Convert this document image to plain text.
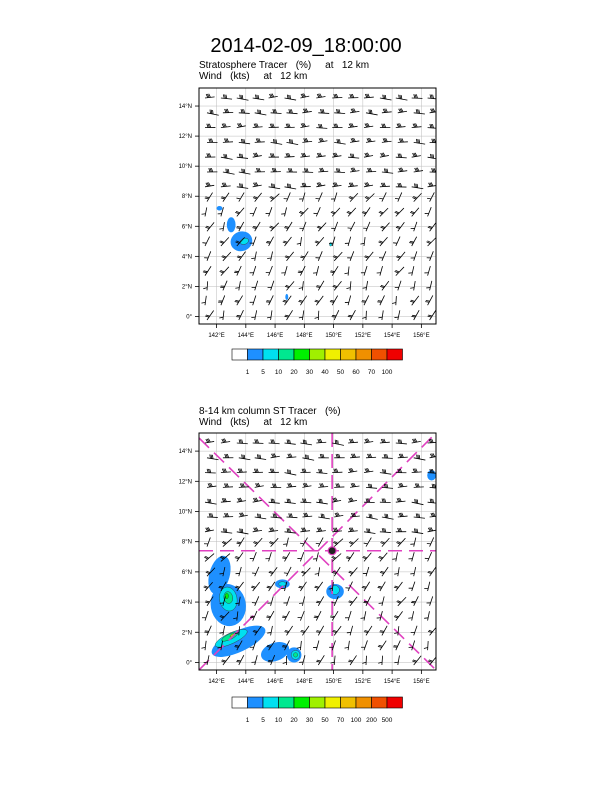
2014-02-09_18:00:00
Stratosphere Tracer   (%)     at   12 km
Wind   (kts)     at   12 km
142°E 144°E 146°E 148°E 150°E 152°E 154°E 156°E
0°
2°N
4°N
6°N
8°N
10°N
12°N
14°N
1 5 10 20 30 40 50 60 70 100
8-14 km column ST Tracer   (%)
Wind   (kts)     at   12 km
142°E 144°E 146°E 148°E 150°E 152°E 154°E 156°E
0°
2°N
4°N
6°N
8°N
10°N
12°N
14°N
1 5 10 20 30 50 70 100 200 500
